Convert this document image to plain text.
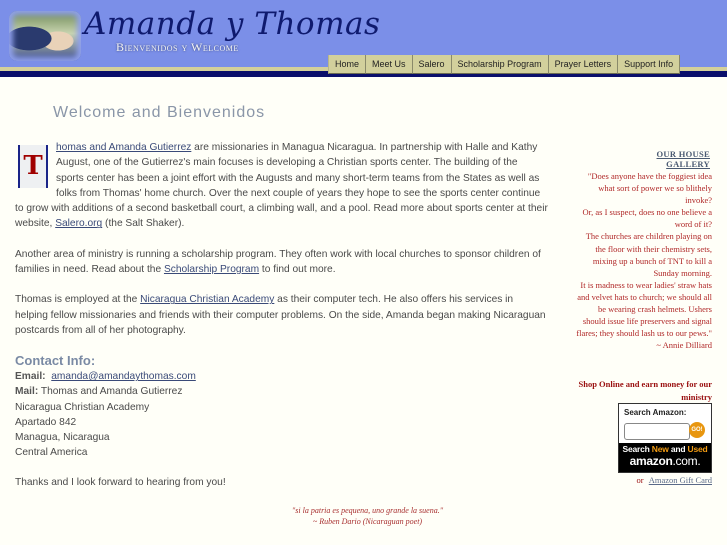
Amanda y Thomas
Bienvenidos y Welcome
Home	Meet Us	Salero	Scholarship Program	Prayer Letters	Support Info
Welcome and Bienvenidos

T
homas and Amanda Gutierrez are missionaries in Managua Nicaragua. In partnership with Halle and Kathy August, one of the Gutierrez's main focuses is developing a Christian sports center. The building of the sports center has been a joint effort with the Augusts and many short-term teams from the States as well as folks from Thomas' home church. Over the next couple of years they hope to see the sports center continue to grow with additions of a second basketball court, a climbing wall, and a pool. Read more about sports center at their website, Salero.org (the Salt Shaker).

Another area of ministry is running a scholarship program. They often work with local churches to sponsor children of families in need. Read about the Scholarship Program to find out more.

Thomas is employed at the Nicaragua Christian Academy as their computer tech. He also offers his services in helping fellow missionaries and friends with their computer problems. On the side, Amanda began making Nicaraguan postcards from all of her photography.

Contact Info:
Email: amanda@amandaythomas.com
Mail: Thomas and Amanda Gutierrez
Nicaragua Christian Academy
Apartado 842
Managua, Nicaragua
Central America

Thanks and I look forward to hearing from you!

"si la patria es pequena, uno grande la suena."
~ Ruben Dario (Nicaraguan poet)
OUR HOUSE GALLERY
"Does anyone have the foggiest idea what sort of power we so blithely invoke?
Or, as I suspect, does no one believe a word of it?
The churches are children playing on the floor with their chemistry sets, mixing up a bunch of TNT to kill a Sunday morning.
It is madness to wear ladies' straw hats and velvet hats to church; we should all be wearing crash helmets. Ushers should issue life preservers and signal flares; they should lash us to our pews."
~ Annie Dilliard
Shop Online and earn money for our ministry
Search Amazon:
GO!
Search New and Used
amazon.com.
or Amazon Gift Card
